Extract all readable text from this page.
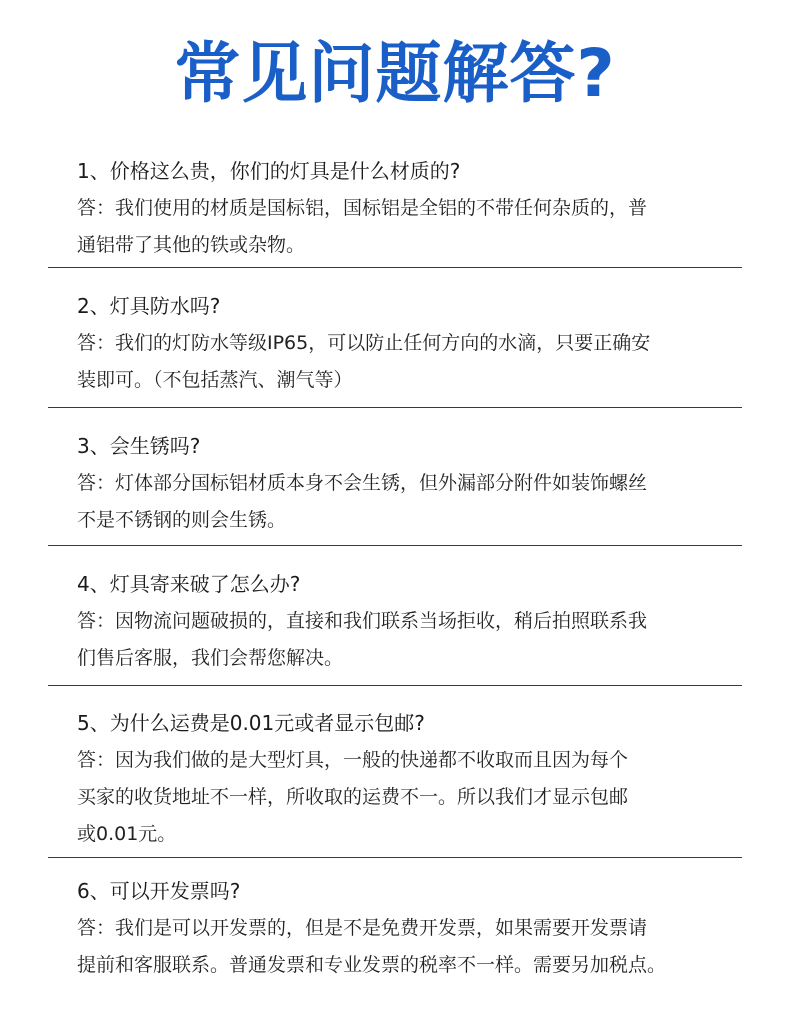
常见问题解答?

1、价格这么贵，你们的灯具是什么材质的?

答：我们使用的材质是国标铝，国标铝是全铝的不带任何杂质的，普
通铝带了其他的铁或杂物。

2、灯具防水吗?

答：我们的灯防水等级IP65，可以防止任何方向的水滴，只要正确安
装即可。（不包括蒸汽、潮气等）

3、会生锈吗?

答：灯体部分国标铝材质本身不会生锈，但外漏部分附件如装饰螺丝
不是不锈钢的则会生锈。

4、灯具寄来破了怎么办?

答：因物流问题破损的，直接和我们联系当场拒收，稍后拍照联系我
们售后客服，我们会帮您解决。

5、为什么运费是0.01元或者显示包邮?

答：因为我们做的是大型灯具，一般的快递都不收取而且因为每个
买家的收货地址不一样，所收取的运费不一。所以我们才显示包邮
或0.01元。

6、可以开发票吗?

答：我们是可以开发票的，但是不是免费开发票，如果需要开发票请
提前和客服联系。普通发票和专业发票的税率不一样。需要另加税点。
